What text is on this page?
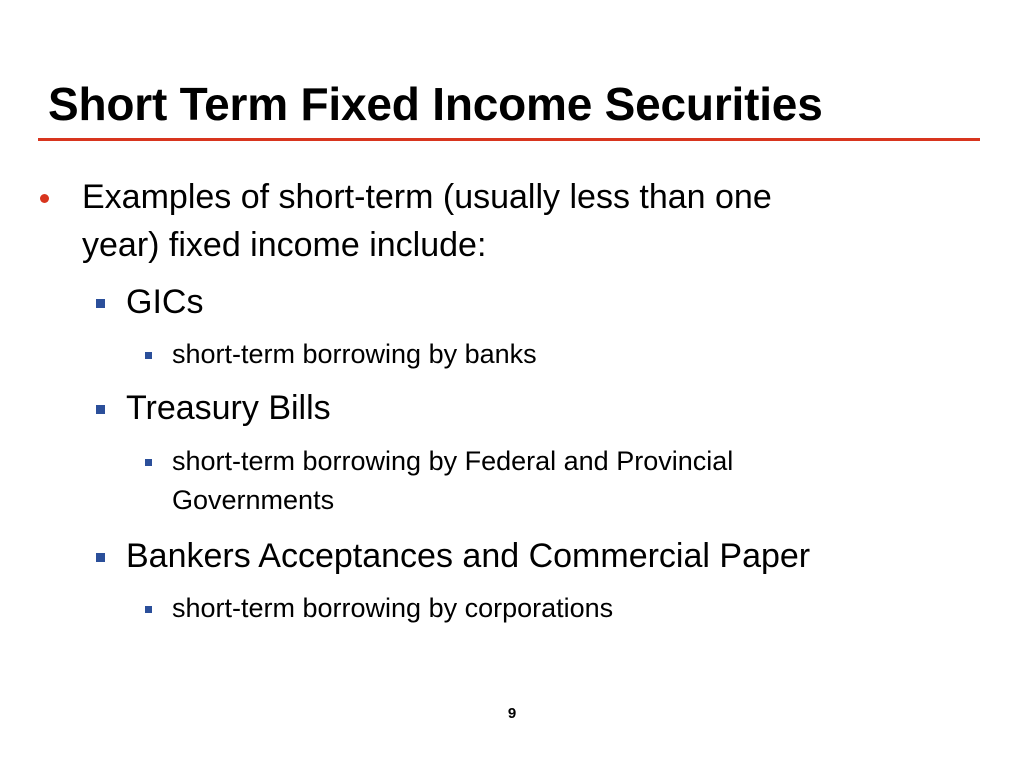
Short Term Fixed Income Securities
Examples of short-term (usually less than one
year) fixed income include:
GICs
short-term borrowing by banks
Treasury Bills
short-term borrowing by Federal and Provincial
Governments
Bankers Acceptances and Commercial Paper
short-term borrowing by corporations
9
